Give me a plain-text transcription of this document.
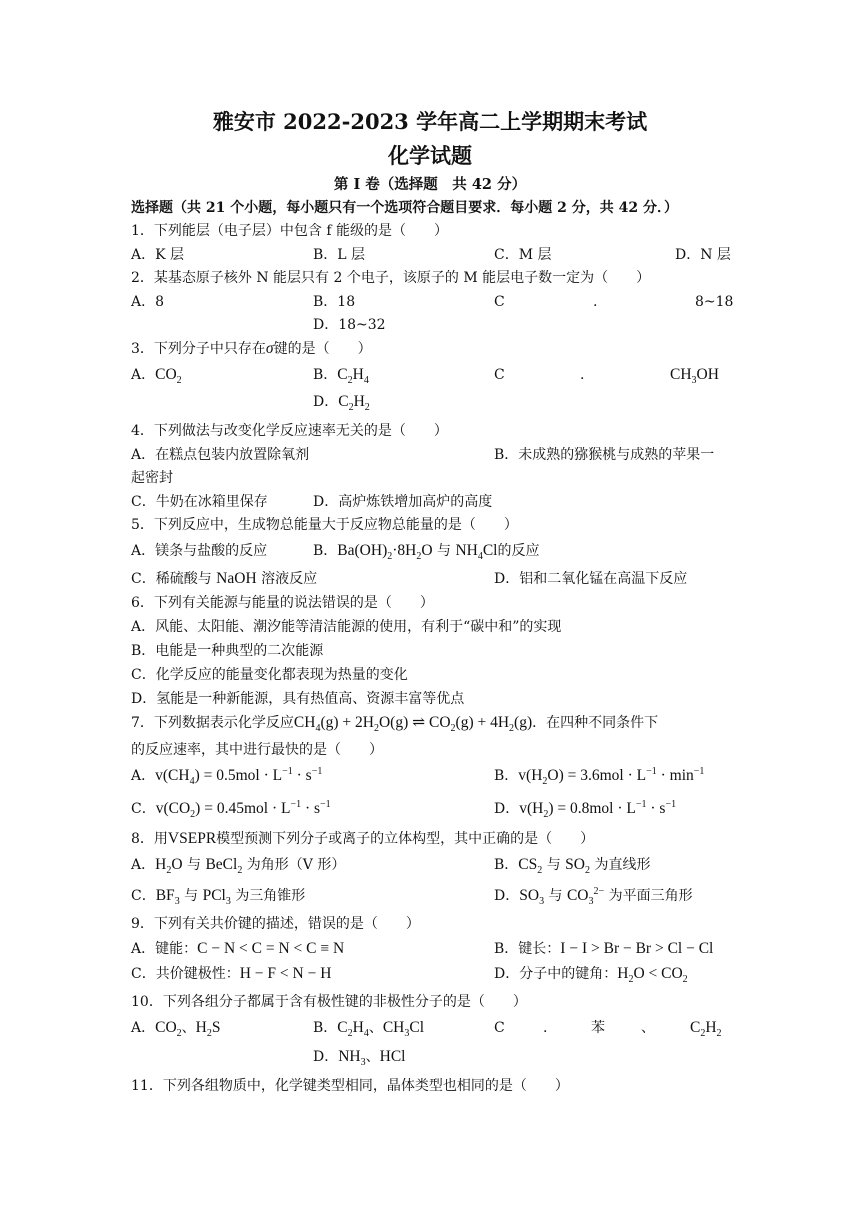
雅安市 2022-2023 学年高二上学期期末考试
化学试题
第 I 卷（选择题　共 42 分）
选择题（共 21 个小题，每小题只有一个选项符合题目要求．每小题 2 分，共 42 分．）
1．下列能层（电子层）中包含 f 能级的是（　　）
A．K 层	B．L 层	C．M 层	D．N 层
2．某基态原子核外 N 能层只有 2 个电子，该原子的 M 能层电子数一定为（　　）
A．8	B．18	C	.	8~18
D．18~32
3．下列分子中只存在σ键的是（　　）
A．$CO_2$	B．$C_2H_4$	C	.	$CH_3OH$
D．$C_2H_2$
4．下列做法与改变化学反应速率无关的是（　　）
A．在糕点包装内放置除氧剂	B．未成熟的猕猴桃与成熟的苹果一
起密封
C．牛奶在冰箱里保存	D．高炉炼铁增加高炉的高度
5．下列反应中，生成物总能量大于反应物总能量的是（　　）
A．镁条与盐酸的反应	B．$Ba(OH)_2\cdot 8H_2O$ 与 $NH_4Cl$的反应
C．稀硫酸与 NaOH 溶液反应	D．铝和二氧化锰在高温下反应
6．下列有关能源与能量的说法错误的是（　　）
A．风能、太阳能、潮汐能等清洁能源的使用，有利于“碳中和”的实现
B．电能是一种典型的二次能源
C．化学反应的能量变化都表现为热量的变化
D．氢能是一种新能源，具有热值高、资源丰富等优点
7．下列数据表示化学反应$CH_4(g) + 2H_2O(g)$ ⇌ $CO_2(g) + 4H_2(g)$．在四种不同条件下
的反应速率，其中进行最快的是（　　）
A．$v(CH_4) = 0.5mol \cdot L^{-1} \cdot s^{-1}$	B．$v(H_2O) = 3.6mol \cdot L^{-1} \cdot \min^{-1}$
C．$v(CO_2) = 0.45mol \cdot L^{-1} \cdot s^{-1}$	D．$v(H_2) = 0.8mol \cdot L^{-1} \cdot s^{-1}$
8．用VSEPR模型预测下列分子或离子的立体构型，其中正确的是（　　）
A．$H_2O$ 与 BeCl$_2$ 为角形（V 形）	B．$CS_2$ 与 $SO_2$ 为直线形
C．$BF_3$ 与 PCl$_3$ 为三角锥形	D．$SO_3$ 与 $CO_3^{2-}$ 为平面三角形
9．下列有关共价键的描述，错误的是（　　）
A．键能：C − N < C = N < C ≡ N	B．键长：I − I > Br − Br > Cl − Cl
C．共价键极性：H − F < N − H	D．分子中的键角：$H_2O < CO_2$
10．下列各组分子都属于含有极性键的非极性分子的是（　　）
A．$CO_2$、$H_2S$	B．$C_2H_4$、$CH_3Cl$	C	.	苯	、 $C_2H_2$
D．$NH_3$、HCl
11．下列各组物质中，化学键类型相同，晶体类型也相同的是（　　）
